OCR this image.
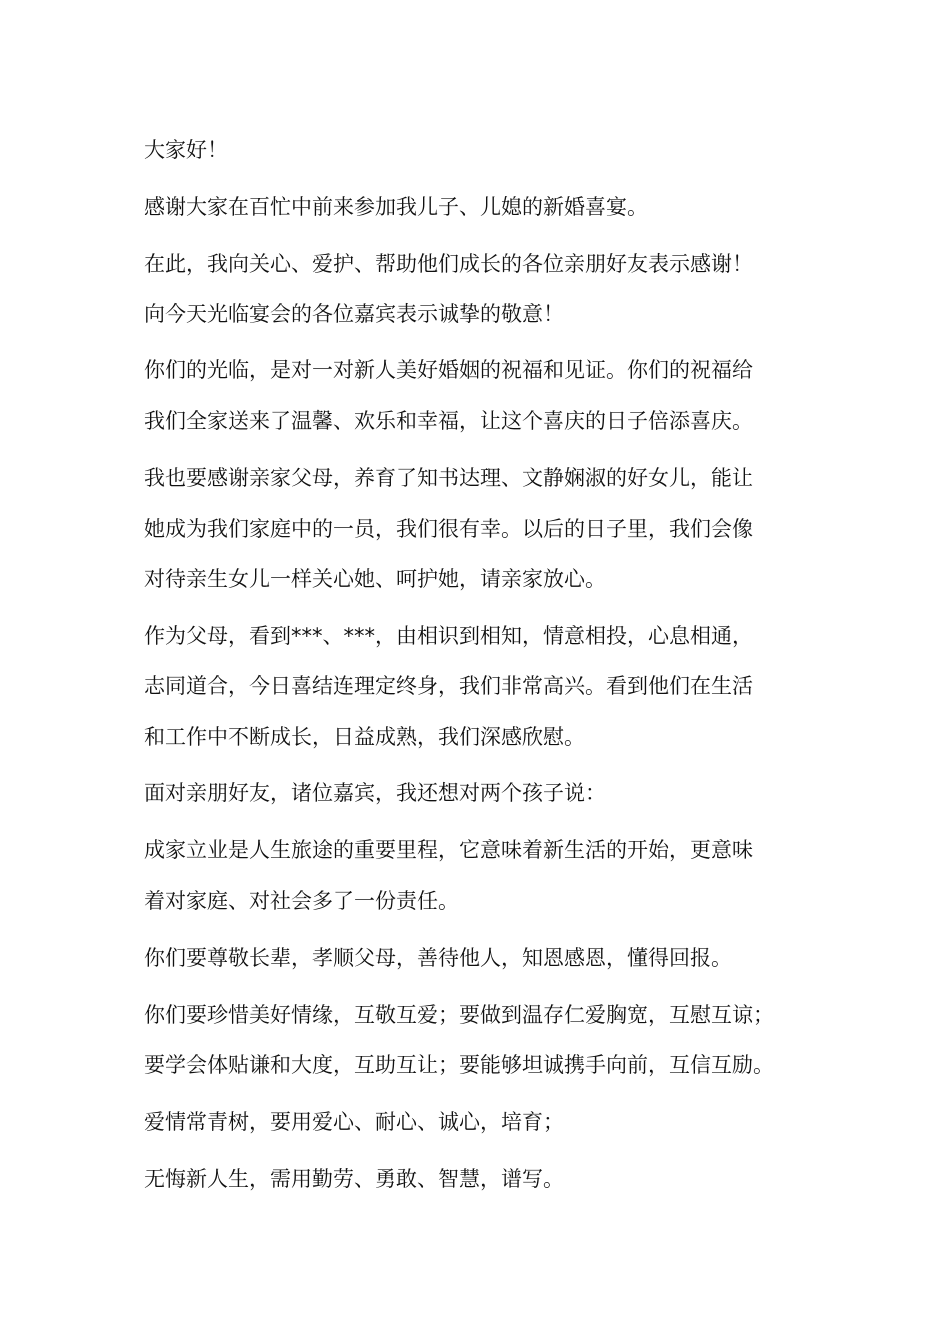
大家好！

感谢大家在百忙中前来参加我儿子、儿媳的新婚喜宴。

在此，我向关心、爱护、帮助他们成长的各位亲朋好友表示感谢！

向今天光临宴会的各位嘉宾表示诚挚的敬意！

你们的光临，是对一对新人美好婚姻的祝福和见证。你们的祝福给

我们全家送来了温馨、欢乐和幸福，让这个喜庆的日子倍添喜庆。

我也要感谢亲家父母，养育了知书达理、文静娴淑的好女儿，能让

她成为我们家庭中的一员，我们很有幸。以后的日子里，我们会像

对待亲生女儿一样关心她、呵护她，请亲家放心。

作为父母，看到***、***，由相识到相知，情意相投，心息相通，

志同道合，今日喜结连理定终身，我们非常高兴。看到他们在生活

和工作中不断成长，日益成熟，我们深感欣慰。

面对亲朋好友，诸位嘉宾，我还想对两个孩子说：

成家立业是人生旅途的重要里程，它意味着新生活的开始，更意味

着对家庭、对社会多了一份责任。

你们要尊敬长辈，孝顺父母，善待他人，知恩感恩，懂得回报。

你们要珍惜美好情缘，互敬互爱；要做到温存仁爱胸宽，互慰互谅；

要学会体贴谦和大度，互助互让；要能够坦诚携手向前，互信互励。

爱情常青树，要用爱心、耐心、诚心，培育；

无悔新人生，需用勤劳、勇敢、智慧，谱写。
